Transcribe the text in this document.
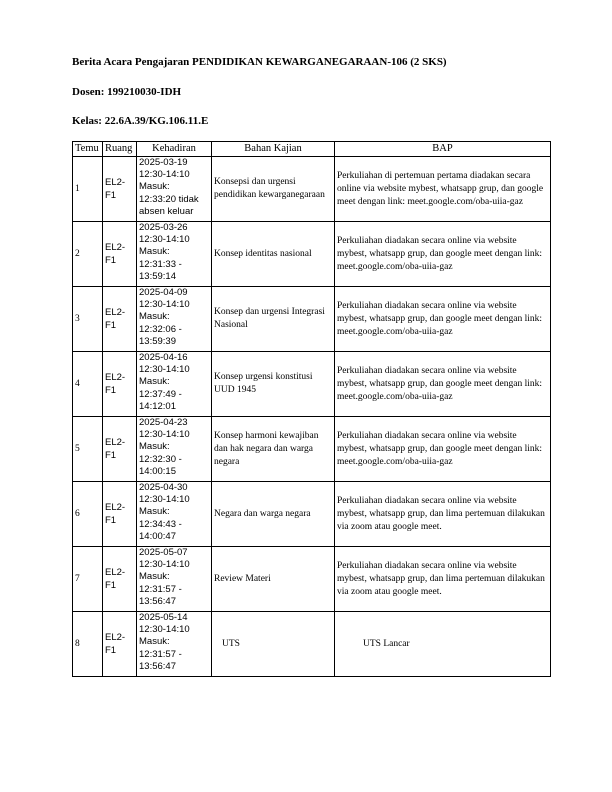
Berita Acara Pengajaran PENDIDIKAN KEWARGANEGARAAN-106 (2 SKS)
Dosen: 199210030-IDH
Kelas: 22.6A.39/KG.106.11.E
Temu	Ruang	Kehadiran	Bahan Kajian	BAP
1	EL2-F1	2025-03-19
12:30-14:10
Masuk:
12:33:20 tidak
absen keluar	Konsepsi dan urgensi pendidikan kewarganegaraan	Perkuliahan di pertemuan pertama diadakan secara online via website mybest, whatsapp grup, dan google meet dengan link: meet.google.com/oba-uiia-gaz
2	EL2-F1	2025-03-26
12:30-14:10
Masuk:
12:31:33 -
13:59:14	Konsep identitas nasional	Perkuliahan diadakan secara online via website mybest, whatsapp grup, dan google meet dengan link: meet.google.com/oba-uiia-gaz
3	EL2-F1	2025-04-09
12:30-14:10
Masuk:
12:32:06 -
13:59:39	Konsep dan urgensi Integrasi Nasional	Perkuliahan diadakan secara online via website mybest, whatsapp grup, dan google meet dengan link: meet.google.com/oba-uiia-gaz
4	EL2-F1	2025-04-16
12:30-14:10
Masuk:
12:37:49 -
14:12:01	Konsep urgensi konstitusi UUD 1945	Perkuliahan diadakan secara online via website mybest, whatsapp grup, dan google meet dengan link: meet.google.com/oba-uiia-gaz
5	EL2-F1	2025-04-23
12:30-14:10
Masuk:
12:32:30 -
14:00:15	Konsep harmoni kewajiban dan hak negara dan warga negara	Perkuliahan diadakan secara online via website mybest, whatsapp grup, dan google meet dengan link: meet.google.com/oba-uiia-gaz
6	EL2-F1	2025-04-30
12:30-14:10
Masuk:
12:34:43 -
14:00:47	Negara dan warga negara	Perkuliahan diadakan secara online via website mybest, whatsapp grup, dan lima pertemuan dilakukan via zoom atau google meet.
7	EL2-F1	2025-05-07
12:30-14:10
Masuk:
12:31:57 -
13:56:47	Review Materi	Perkuliahan diadakan secara online via website mybest, whatsapp grup, dan lima pertemuan dilakukan via zoom atau google meet.
8	EL2-F1	2025-05-14
12:30-14:10
Masuk:
12:31:57 -
13:56:47	UTS	UTS Lancar
